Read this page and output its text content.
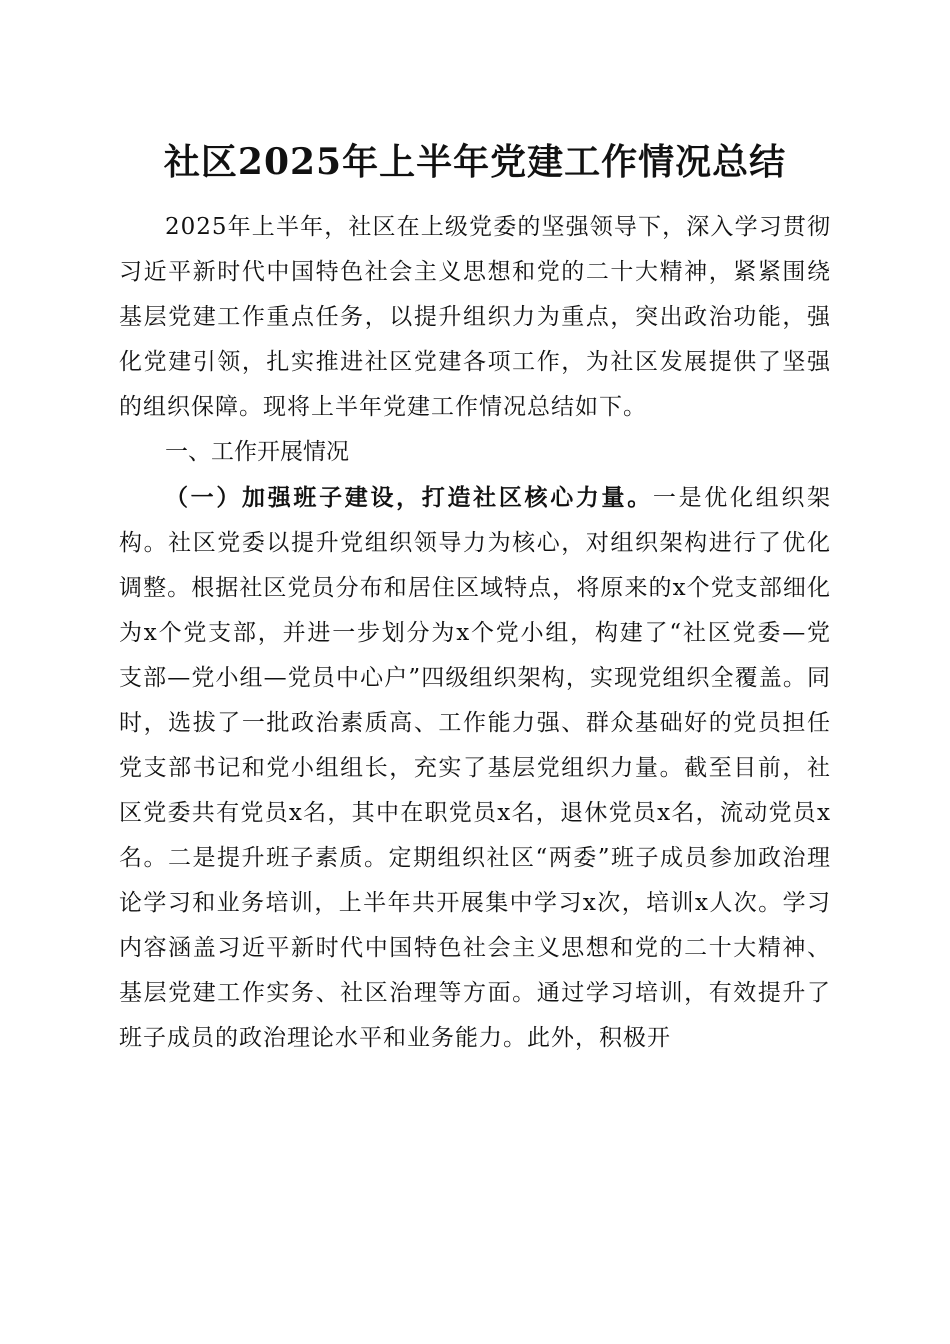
社区2025年上半年党建工作情况总结

2025年上半年，社区在上级党委的坚强领导下，深入学习贯彻习近平新时代中国特色社会主义思想和党的二十大精神，紧紧围绕基层党建工作重点任务，以提升组织力为重点，突出政治功能，强化党建引领，扎实推进社区党建各项工作，为社区发展提供了坚强的组织保障。现将上半年党建工作情况总结如下。

一、工作开展情况

（一）加强班子建设，打造社区核心力量。一是优化组织架构。社区党委以提升党组织领导力为核心，对组织架构进行了优化调整。根据社区党员分布和居住区域特点，将原来的x个党支部细化为x个党支部，并进一步划分为x个党小组，构建了“社区党委—党支部—党小组—党员中心户”四级组织架构，实现党组织全覆盖。同时，选拔了一批政治素质高、工作能力强、群众基础好的党员担任党支部书记和党小组组长，充实了基层党组织力量。截至目前，社区党委共有党员x名，其中在职党员x名，退休党员x名，流动党员x名。二是提升班子素质。定期组织社区“两委”班子成员参加政治理论学习和业务培训，上半年共开展集中学习x次，培训x人次。学习内容涵盖习近平新时代中国特色社会主义思想和党的二十大精神、基层党建工作实务、社区治理等方面。通过学习培训，有效提升了班子成员的政治理论水平和业务能力。此外，积极开
